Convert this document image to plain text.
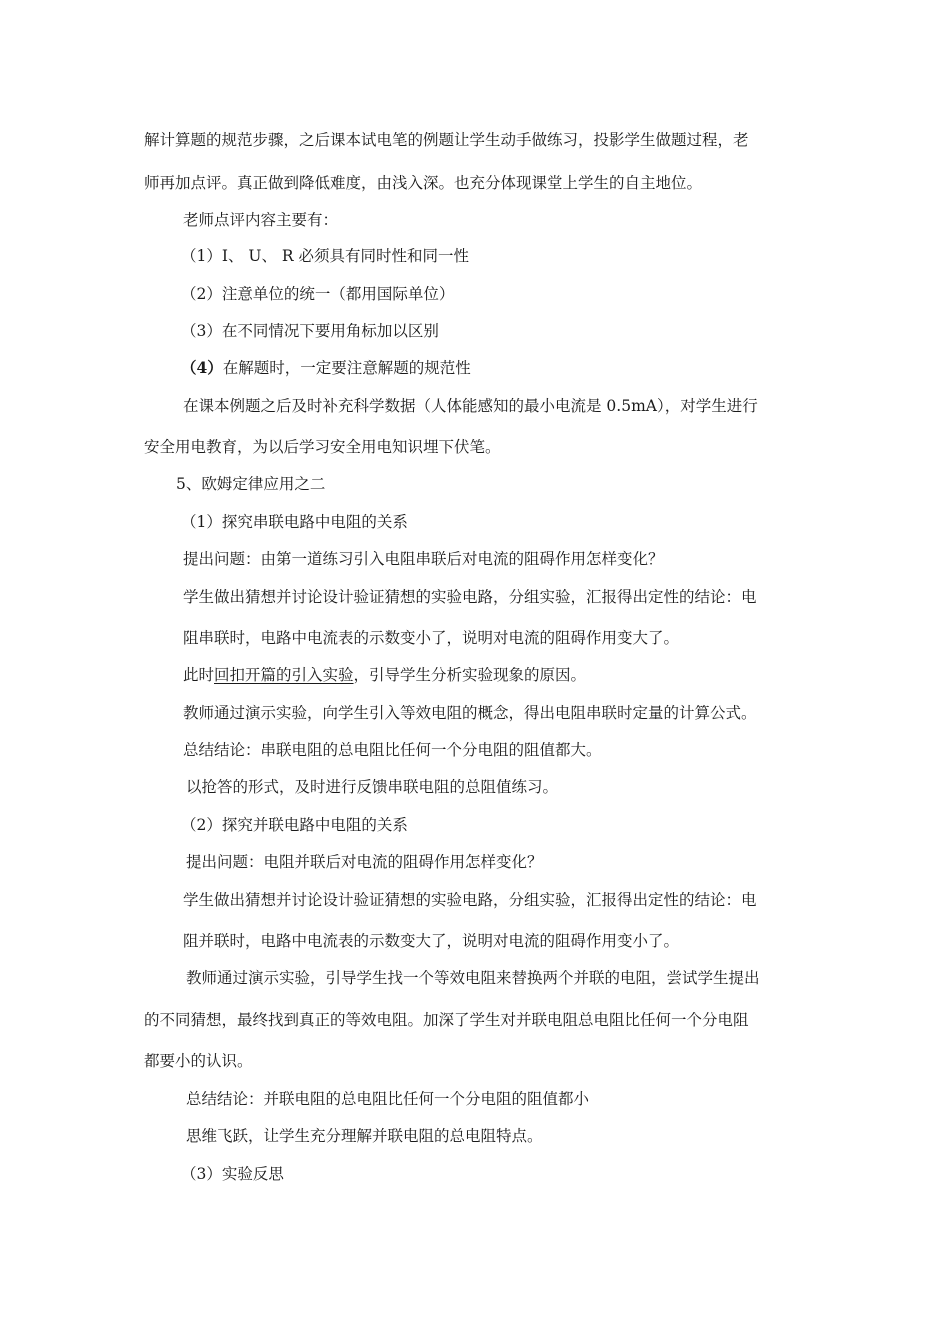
解计算题的规范步骤，之后课本试电笔的例题让学生动手做练习，投影学生做题过程，老
师再加点评。真正做到降低难度，由浅入深。也充分体现课堂上学生的自主地位。
老师点评内容主要有：
（1）I、 U、 R 必须具有同时性和同一性
（2）注意单位的统一（都用国际单位）
（3）在不同情况下要用角标加以区别
（4）在解题时，一定要注意解题的规范性
在课本例题之后及时补充科学数据（人体能感知的最小电流是 0.5mA），对学生进行
安全用电教育，为以后学习安全用电知识埋下伏笔。
5、欧姆定律应用之二
（1）探究串联电路中电阻的关系
提出问题：由第一道练习引入电阻串联后对电流的阻碍作用怎样变化？
学生做出猜想并讨论设计验证猜想的实验电路，分组实验，汇报得出定性的结论：电
阻串联时，电路中电流表的示数变小了，说明对电流的阻碍作用变大了。
此时回扣开篇的引入实验，引导学生分析实验现象的原因。
教师通过演示实验，向学生引入等效电阻的概念，得出电阻串联时定量的计算公式。
总结结论：串联电阻的总电阻比任何一个分电阻的阻值都大。
以抢答的形式，及时进行反馈串联电阻的总阻值练习。
（2）探究并联电路中电阻的关系
提出问题：电阻并联后对电流的阻碍作用怎样变化？
学生做出猜想并讨论设计验证猜想的实验电路，分组实验，汇报得出定性的结论：电
阻并联时，电路中电流表的示数变大了，说明对电流的阻碍作用变小了。
教师通过演示实验，引导学生找一个等效电阻来替换两个并联的电阻，尝试学生提出
的不同猜想，最终找到真正的等效电阻。加深了学生对并联电阻总电阻比任何一个分电阻
都要小的认识。
总结结论：并联电阻的总电阻比任何一个分电阻的阻值都小
思维飞跃，让学生充分理解并联电阻的总电阻特点。
（3）实验反思
